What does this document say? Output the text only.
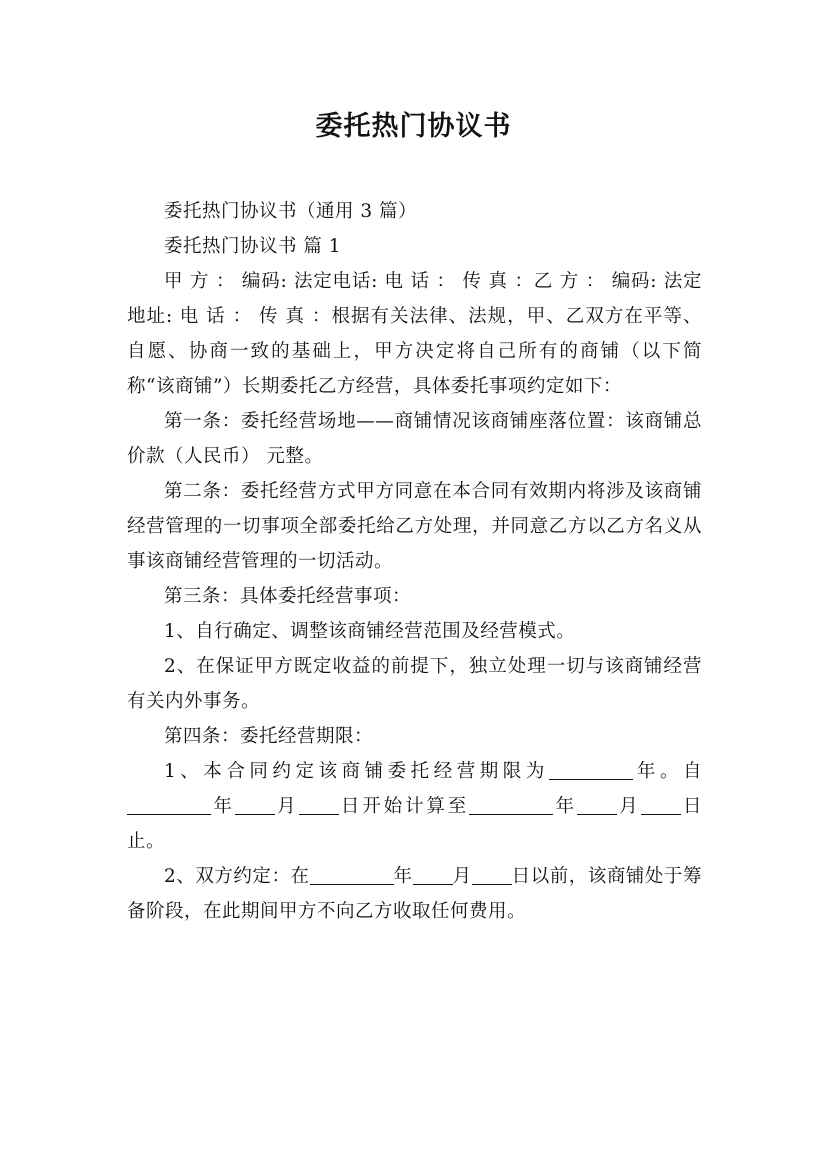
委托热门协议书

委托热门协议书（通用 3 篇）

委托热门协议书 篇 1

甲 方 ： 编码: 法定电话: 电 话 ： 传 真 ：乙 方 ： 编码: 法定地址: 电 话 ： 传 真 ：根据有关法律、法规，甲、乙双方在平等、自愿、协商一致的基础上，甲方决定将自己所有的商铺（以下简称“该商铺”）长期委托乙方经营，具体委托事项约定如下：

第一条：委托经营场地——商铺情况该商铺座落位置：该商铺总价款（人民币） 元整。

第二条：委托经营方式甲方同意在本合同有效期内将涉及该商铺经营管理的一切事项全部委托给乙方处理，并同意乙方以乙方名义从事该商铺经营管理的一切活动。

第三条：具体委托经营事项：

1、自行确定、调整该商铺经营范围及经营模式。

2、在保证甲方既定收益的前提下，独立处理一切与该商铺经营有关内外事务。

第四条：委托经营期限：

1、本合同约定该商铺委托经营期限为	年。自年 月 日开始计算至	年 月 日止。

2、双方约定：在	年 月 日以前，该商铺处于筹备阶段，在此期间甲方不向乙方收取任何费用。
